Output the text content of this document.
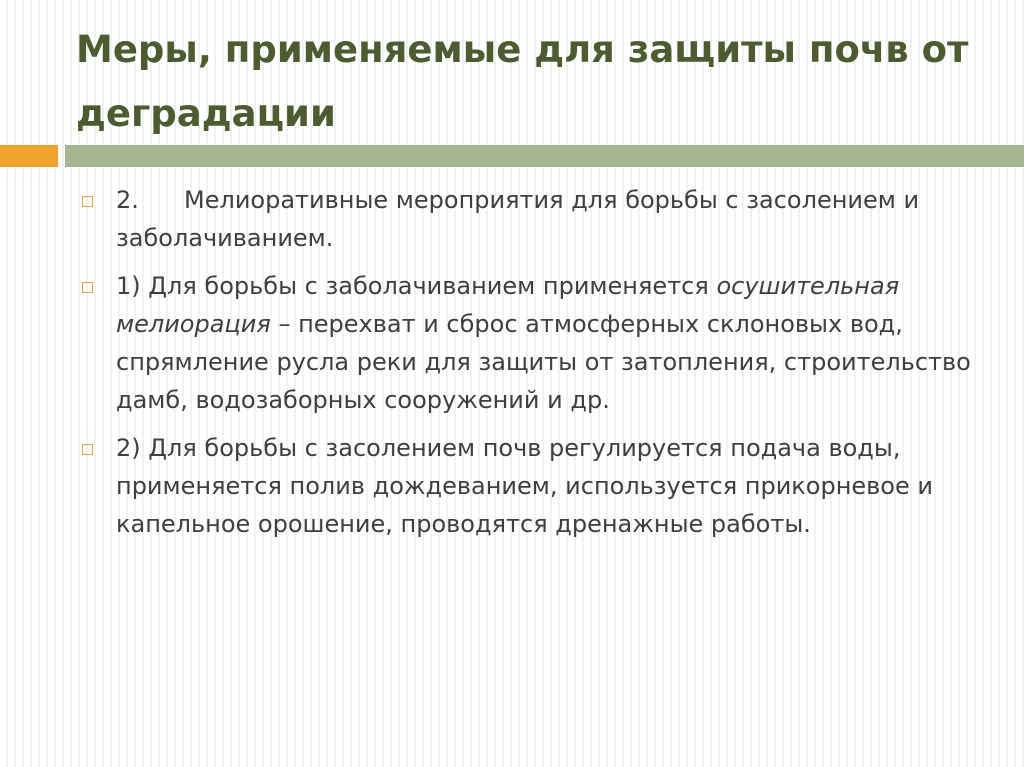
Меры, применяемые для защиты почв от деградации
2. Мелиоративные мероприятия для борьбы с засолением и заболачиванием.
1) Для борьбы с заболачиванием применяется осушительная мелиорация – перехват и сброс атмосферных склоновых вод, спрямление русла реки для защиты от затопления, строительство дамб, водозаборных сооружений и др.
2) Для борьбы с засолением почв регулируется подача воды, применяется полив дождеванием, используется прикорневое и капельное орошение, проводятся дренажные работы.
